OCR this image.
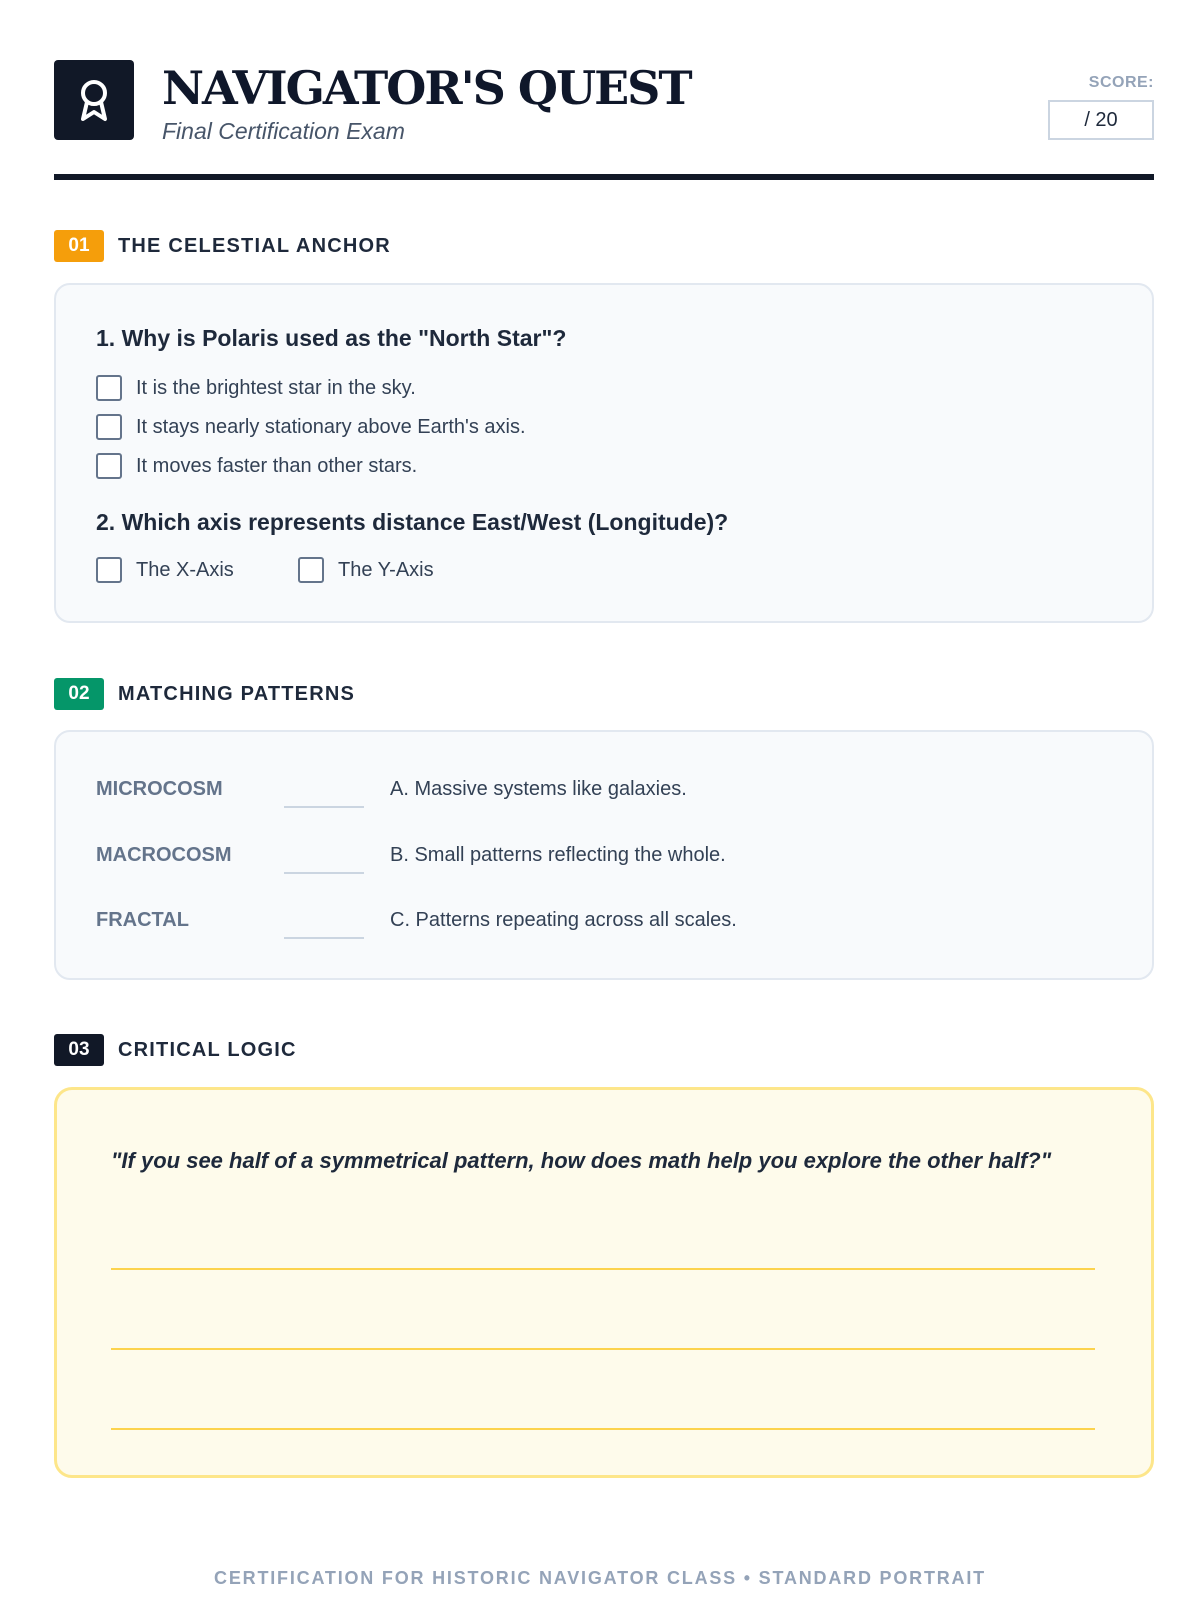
NAVIGATOR'S QUEST
Final Certification Exam
SCORE:
/ 20
01	THE CELESTIAL ANCHOR
1. Why is Polaris used as the "North Star"?
It is the brightest star in the sky.
It stays nearly stationary above Earth's axis.
It moves faster than other stars.
2. Which axis represents distance East/West (Longitude)?
The X-Axis	The Y-Axis
02	MATCHING PATTERNS
MICROCOSM	A. Massive systems like galaxies.
MACROCOSM	B. Small patterns reflecting the whole.
FRACTAL	C. Patterns repeating across all scales.
03	CRITICAL LOGIC
"If you see half of a symmetrical pattern, how does math help you explore the other half?"
CERTIFICATION FOR HISTORIC NAVIGATOR CLASS • STANDARD PORTRAIT
